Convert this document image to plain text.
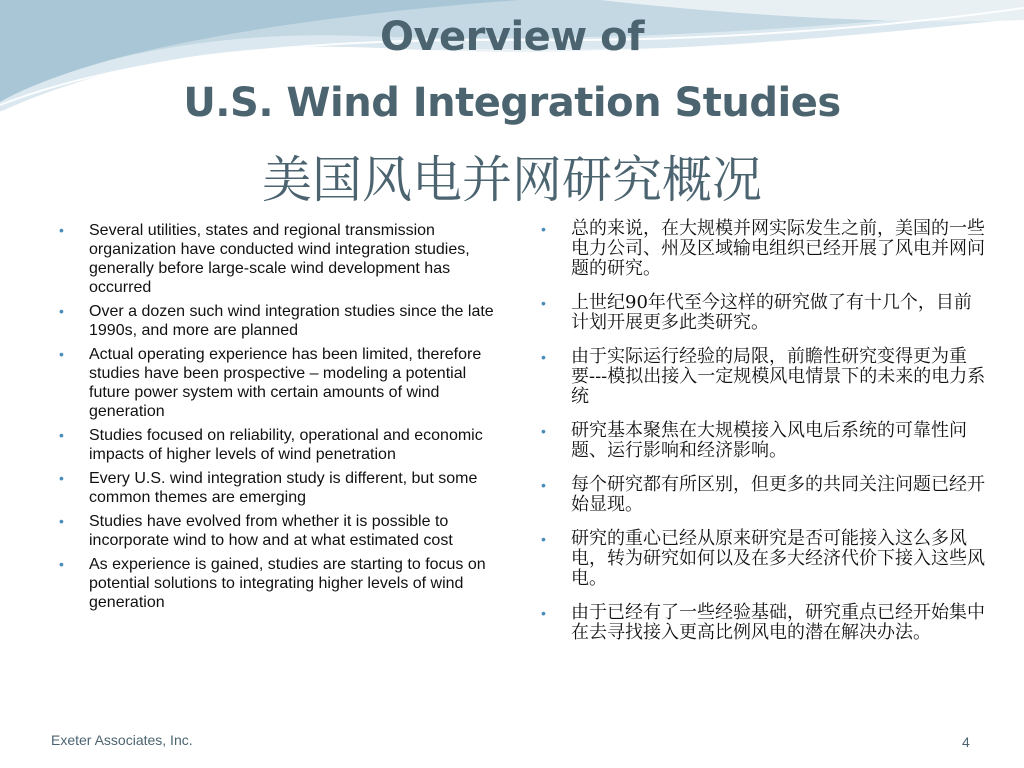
Overview of
U.S. Wind Integration Studies
美国风电并网研究概况
• Several utilities, states and regional transmission organization have conducted wind integration studies, generally before large-scale wind development has occurred
• Over a dozen such wind integration studies since the late 1990s, and more are planned
• Actual operating experience has been limited, therefore studies have been prospective – modeling a potential future power system with certain amounts of wind generation
• Studies focused on reliability, operational and economic impacts of higher levels of wind penetration
• Every U.S. wind integration study is different, but some common themes are emerging
• Studies have evolved from whether it is possible to incorporate wind to how and at what estimated cost
• As experience is gained, studies are starting to focus on potential solutions to integrating higher levels of wind generation
• 总的来说，在大规模并网实际发生之前，美国的一些电力公司、州及区域输电组织已经开展了风电并网问题的研究。
• 上世纪90年代至今这样的研究做了有十几个，目前计划开展更多此类研究。
• 由于实际运行经验的局限，前瞻性研究变得更为重要---模拟出接入一定规模风电情景下的未来的电力系统
• 研究基本聚焦在大规模接入风电后系统的可靠性问题、运行影响和经济影响。
• 每个研究都有所区别，但更多的共同关注问题已经开始显现。
• 研究的重心已经从原来研究是否可能接入这么多风电，转为研究如何以及在多大经济代价下接入这些风电。
• 由于已经有了一些经验基础，研究重点已经开始集中在去寻找接入更高比例风电的潜在解决办法。
Exeter Associates, Inc.	4
